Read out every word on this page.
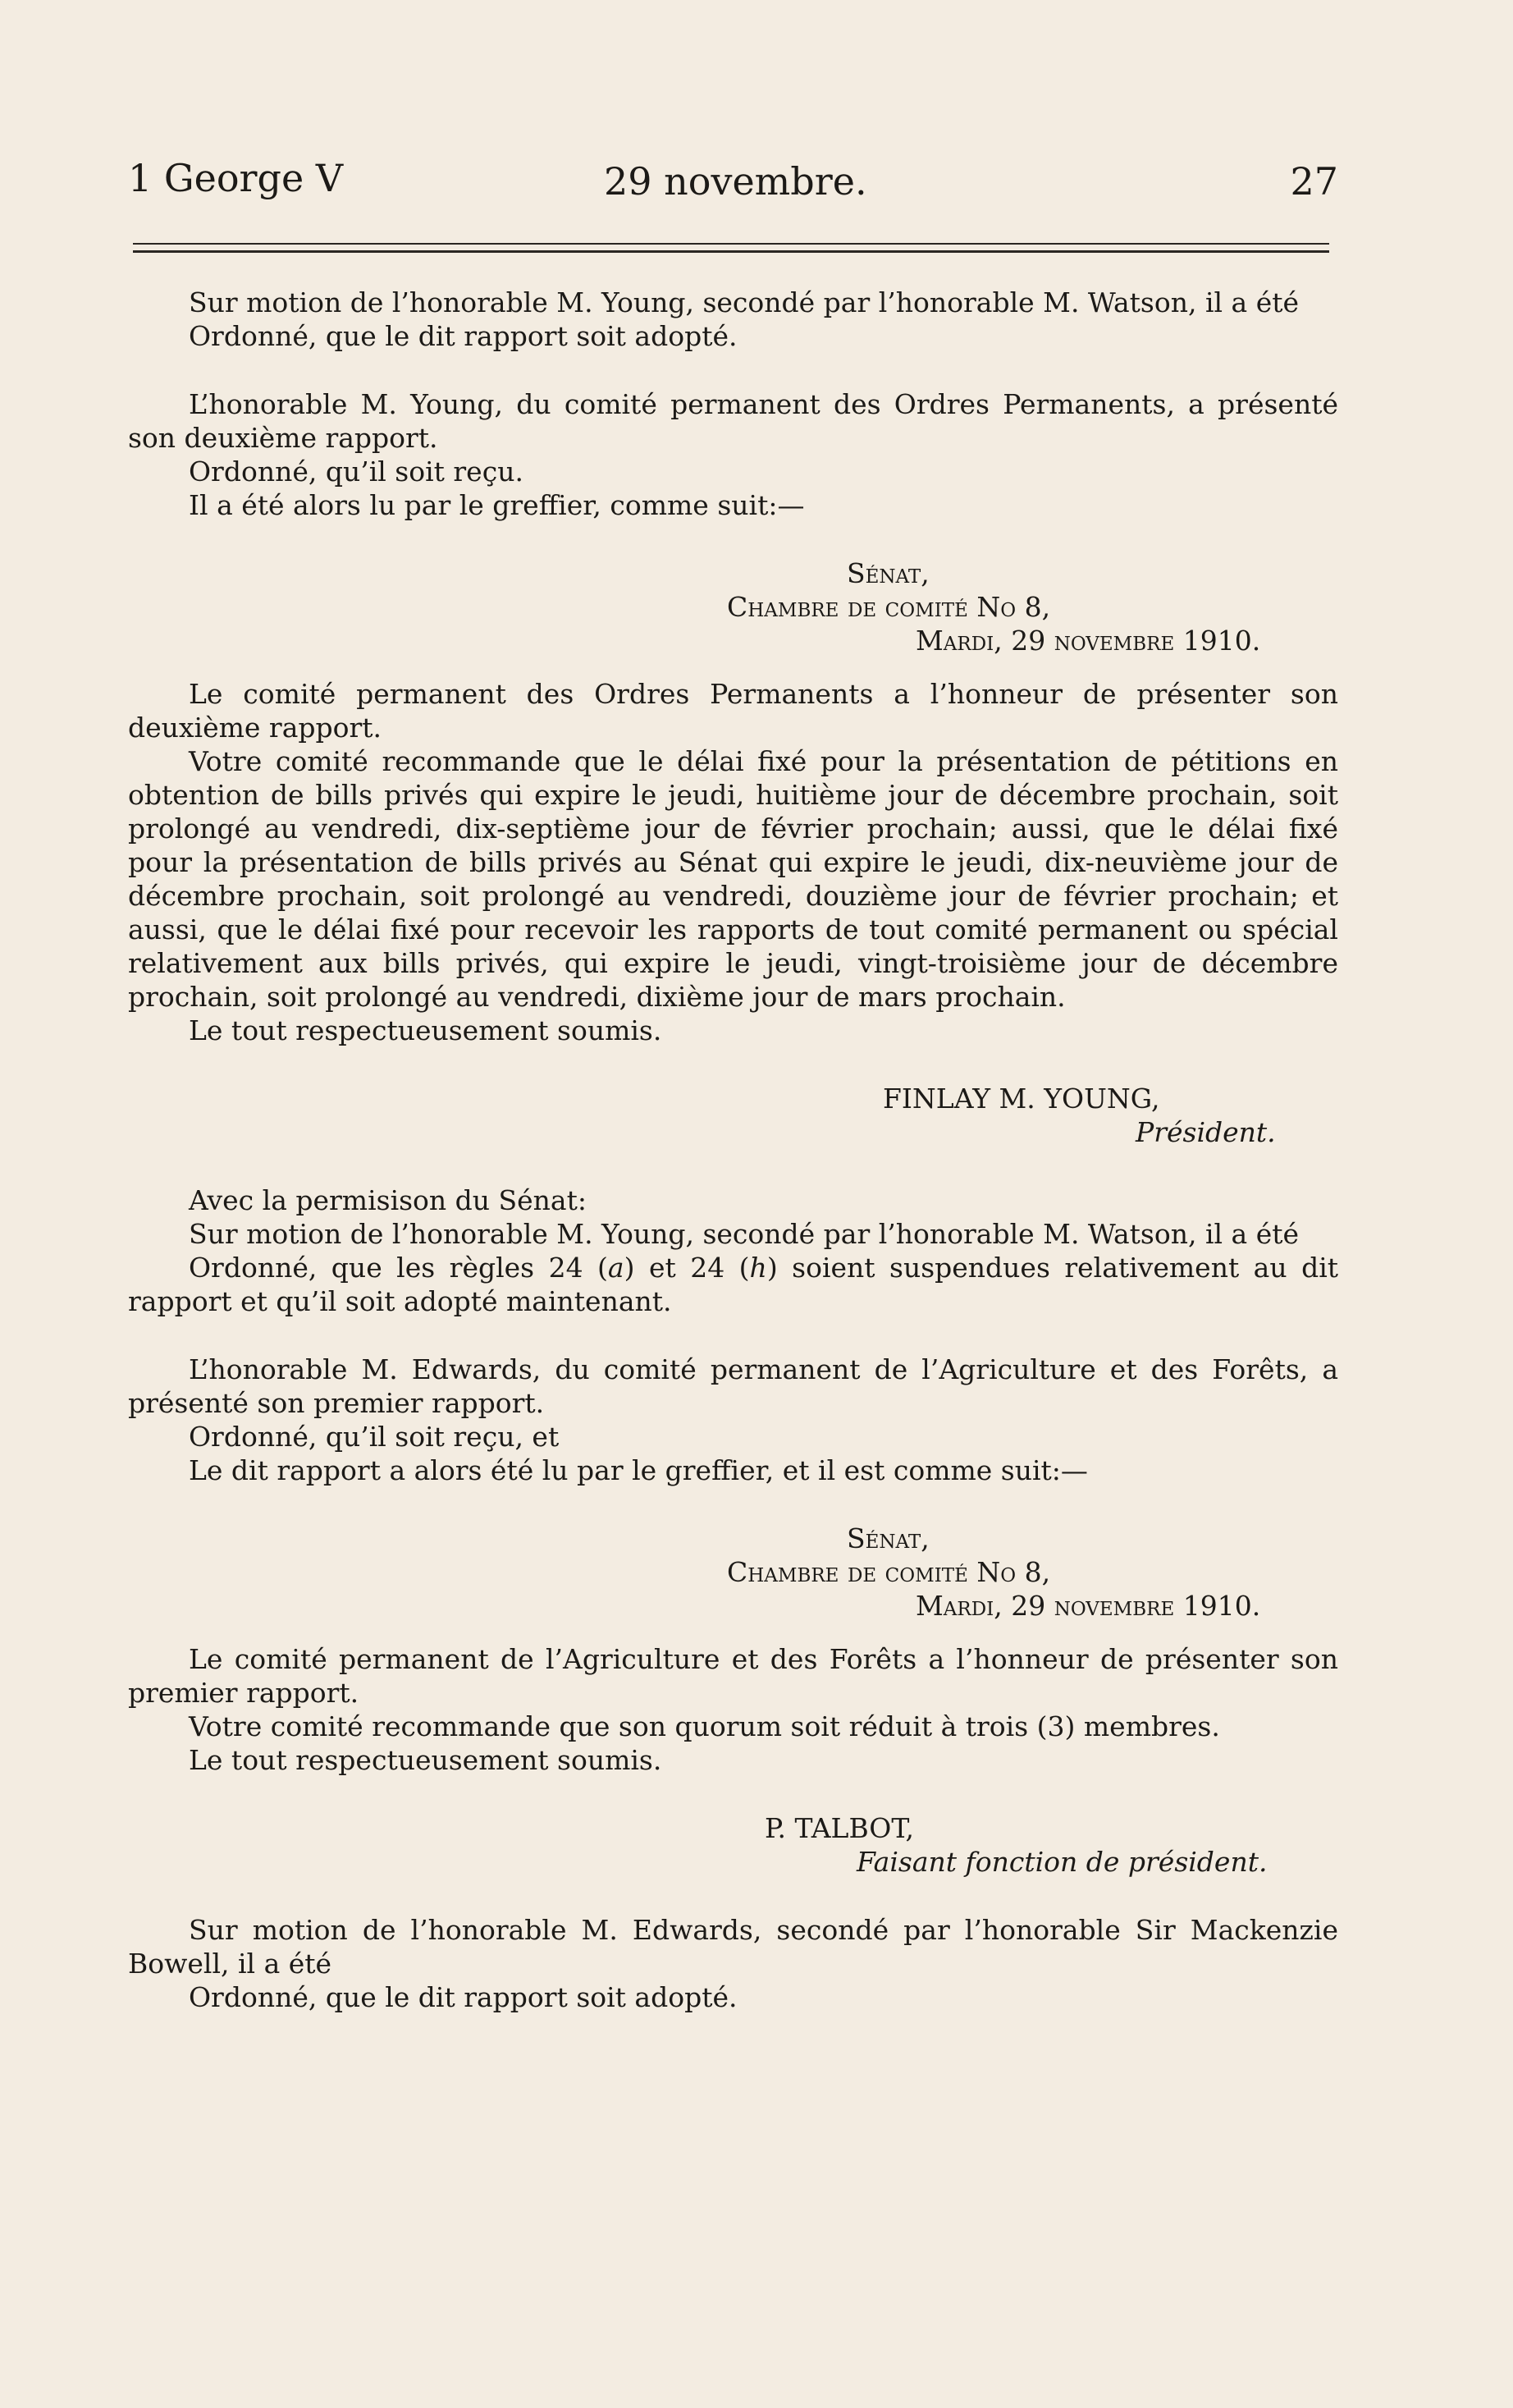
1 George V	29 novembre.	27

Sur motion de l’honorable M. Young, secondé par l’honorable M. Watson, il a été

Ordonné, que le dit rapport soit adopté.

L’honorable M. Young, du comité permanent des Ordres Permanents, a présenté son deuxième rapport.

Ordonné, qu’il soit reçu.

Il a été alors lu par le greffier, comme suit:—

Sénat,
Chambre de comité No 8,
Mardi, 29 novembre 1910.

Le comité permanent des Ordres Permanents a l’honneur de présenter son deuxième rapport.

Votre comité recommande que le délai fixé pour la présentation de pétitions en obtention de bills privés qui expire le jeudi, huitième jour de décembre prochain, soit prolongé au vendredi, dix-septième jour de février prochain; aussi, que le délai fixé pour la présentation de bills privés au Sénat qui expire le jeudi, dix-neuvième jour de décembre prochain, soit prolongé au vendredi, douzième jour de février prochain; et aussi, que le délai fixé pour recevoir les rapports de tout comité permanent ou spécial relativement aux bills privés, qui expire le jeudi, vingt-troisième jour de décembre prochain, soit prolongé au vendredi, dixième jour de mars prochain.

Le tout respectueusement soumis.

FINLAY M. YOUNG,

Président.

Avec la permisison du Sénat:

Sur motion de l’honorable M. Young, secondé par l’honorable M. Watson, il a été

Ordonné, que les règles 24 (a) et 24 (h) soient suspendues relativement au dit rapport et qu’il soit adopté maintenant.

L’honorable M. Edwards, du comité permanent de l’Agriculture et des Forêts, a présenté son premier rapport.

Ordonné, qu’il soit reçu, et

Le dit rapport a alors été lu par le greffier, et il est comme suit:—

Sénat,
Chambre de comité No 8,
Mardi, 29 novembre 1910.

Le comité permanent de l’Agriculture et des Forêts a l’honneur de présenter son premier rapport.

Votre comité recommande que son quorum soit réduit à trois (3) membres.

Le tout respectueusement soumis.

P. TALBOT,

Faisant fonction de président.

Sur motion de l’honorable M. Edwards, secondé par l’honorable Sir Mackenzie Bowell, il a été

Ordonné, que le dit rapport soit adopté.
